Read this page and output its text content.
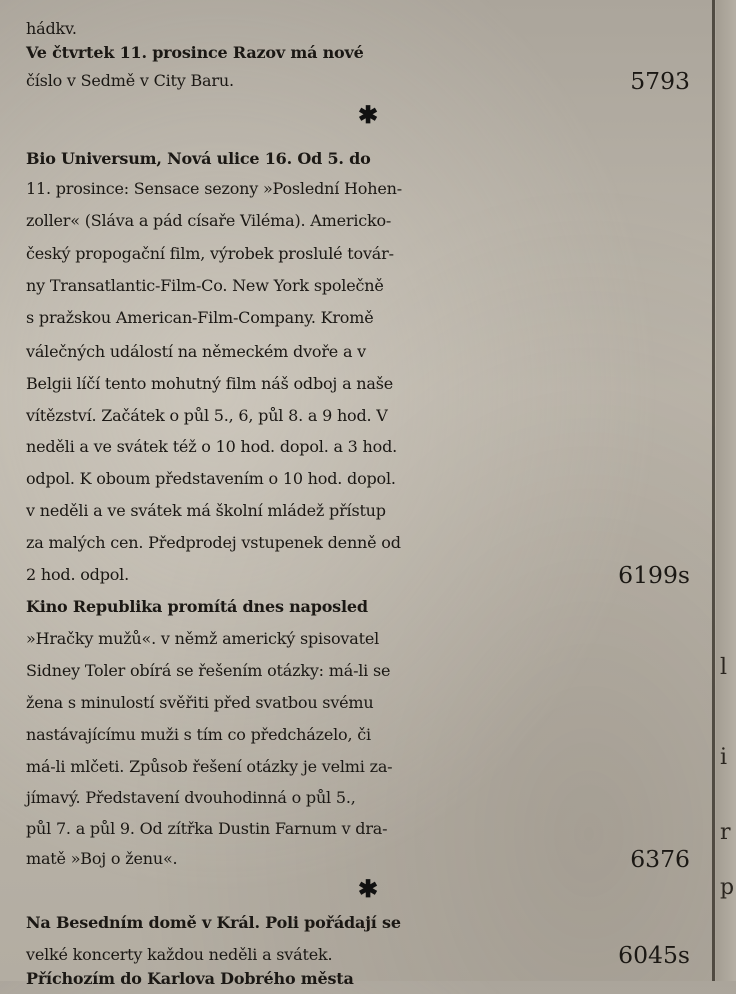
l
i
r
p
hádkv.
Ve čtvrtek 11. prosince Razov má nové
číslo v Sedmě v City Baru.	5793
✱
Bio Universum, Nová ulice 16. Od 5. do
11. prosince: Sensace sezony »Poslední Hohen-
zoller« (Sláva a pád císaře Viléma). Americko-
český propogační film, výrobek proslulé továr-
ny Transatlantic-Film-Co. New York společně
s pražskou American-Film-Company. Kromě
válečných událostí na německém dvoře a v
Belgii líčí tento mohutný film náš odboj a naše
vítězství. Začátek o půl 5., 6, půl 8. a 9 hod. V
neděli a ve svátek též o 10 hod. dopol. a 3 hod.
odpol. K oboum představením o 10 hod. dopol.
v neděli a ve svátek má školní mládež přístup
za malých cen. Předprodej vstupenek denně od
2 hod. odpol.	6199s
Kino Republika promítá dnes naposled
»Hračky mužů«. v němž americký spisovatel
Sidney Toler obírá se řešením otázky: má-li se
žena s minulostí svěřiti před svatbou svému
nastávajícímu muži s tím co předcházelo, či
má-li mlčeti. Způsob řešení otázky je velmi za-
jímavý. Představení dvouhodinná o půl 5.,
půl 7. a půl 9. Od zítřka Dustin Farnum v dra-
matě »Boj o ženu«.	6376
✱
Na Besedním domě v Král. Poli pořádají se
velké koncerty každou neděli a svátek.	6045s
Příchozím do Karlova Dobrého města
